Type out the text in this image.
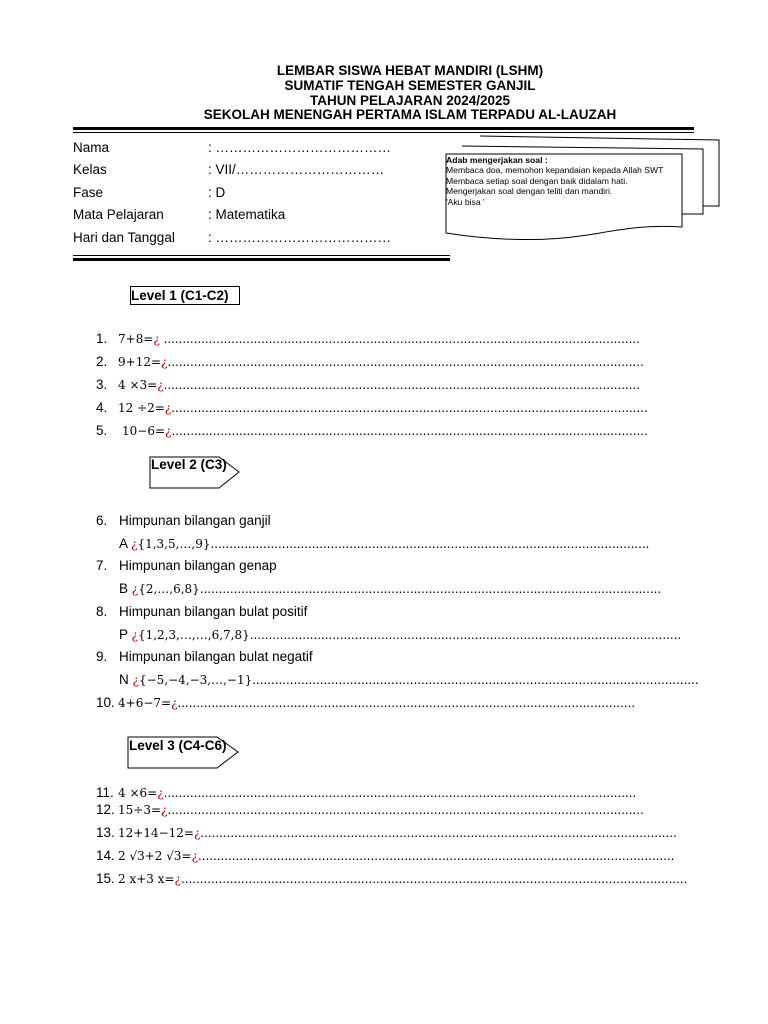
LEMBAR SISWA HEBAT MANDIRI (LSHM)
SUMATIF TENGAH SEMESTER GANJIL
TAHUN PELAJARAN 2024/2025
SEKOLAH MENENGAH PERTAMA ISLAM TERPADU AL-LAUZAH
Nama	: …………………………………
Kelas	: VII/……………………………
Fase	: D
Mata Pelajaran	: Matematika
Hari dan Tanggal : …………………………………
Adab mengerjakan soal :
Membaca doa, memohon kepandaian kepada Allah SWT
Membaca setiap soal dengan baik didalam hati.
Mengerjakan soal dengan teliti dan mandiri.
'Aku bisa '
Level 1 (C1-C2)
1. 7+8=¿ ...............................................................................................................................
2. 9+12=¿...............................................................................................................................
3. 4 ×3=¿...............................................................................................................................
4. 12 ÷2=¿...............................................................................................................................
5. 10−6=¿...............................................................................................................................
Level 2 (C3)
6. Himpunan bilangan ganjil
A ¿{1,3,5,…,9}.....................................................................................................................
7. Himpunan bilangan genap
B ¿{2,…,6,8}...........................................................................................................................
8. Himpunan bilangan bulat positif
P ¿{1,2,3,…,…,6,7,8}...................................................................................................................
9. Himpunan bilangan bulat negatif
N ¿{−5,−4,−3,…,−1}.......................................................................................................................
10. 4+6−7=¿..........................................................................................................................
Level 3 (C4-C6)
11. 4 ×6=¿..............................................................................................................................
12. 15÷3=¿...............................................................................................................................
13. 12+14−12=¿...............................................................................................................................
14. 2 √3+2 √3=¿...............................................................................................................................
15. 2 x+3 x=¿.......................................................................................................................................
